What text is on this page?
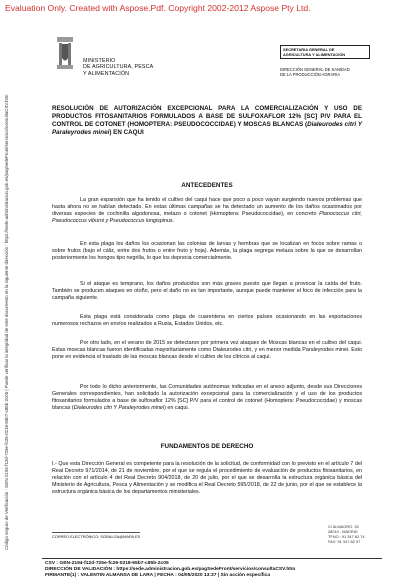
Evaluation Only. Created with Aspose.Pdf. Copyright 2002-2012 Aspose Pty Ltd.
Código seguro de Verificación : GEN-2194-f12d-725e-fc26-0218-65b7-c85b-2c05 | Puede verificar la integridad de este documento en la siguiente dirección : https://sede.administracion.gob.es/pagSedeFront/servicios/consultaCSV.htm
MINISTERIO
DE AGRICULTURA, PESCA
Y ALIMENTACIÓN
SECRETARIA GENERAL DE
AGRICULTURA Y ALIMENTACIÓN
DIRECCIÓN GENERAL DE SANIDAD
DE LA PRODUCCIÓN AGRARIA
RESOLUCIÓN DE AUTORIZACIÓN EXCEPCIONAL PARA LA COMERCIALIZACIÓN Y USO DE PRODUCTOS FITOSANITARIOS FORMULADOS A BASE DE SULFOXAFLOR 12% [SC] P/V PARA EL CONTROL DE COTONET (HOMOPTERA: PSEUDOCOCCIDAE) Y MOSCAS BLANCAS (Dialeurodes citri Y Paraleyrodes minei) EN CAQUI
ANTECEDENTES
La gran expansión que ha tenido el cultivo del caqui hace que poco a poco vayan surgiendo nuevos problemas que hasta ahora no se habían detectado. En estas últimas campañas se ha detectado un aumento de los daños ocasionados por diversas especies de cochinilla algodonosa, melazo o cotonet (Homoptera: Pseudococcidae), en concreto Planococcus citri, Pseudococcus viburni y Pseudococcus longispinus.
En esta plaga los daños los ocasionan las colonias de larvas y hembras que se localizan en focos sobre ramas o sobre frutos (bajo el cáliz, entre dos frutos o entre fruto y hoja). Además, la plaga segrega melaza sobre la que se desarrollan posteriormente los hongos tipo negrilla, lo que los deprecia comercialmente.
Si el ataque es temprano, los daños producidos son más graves puesto que llegan a provocar la caída del fruto. También se producen ataques en otoño, pero el daño no es tan importante, aunque puede mantener el foco de infección para la campaña siguiente.
Esta plaga está considerada como plaga de cuarentena en ciertos países ocasionando en las exportaciones numerosos rechazos en envíos realizados a Rusia, Estados Unidos, etc.
Por otro lado, en el verano de 2015 se detectaron por primera vez ataques de Moscas blancas en el cultivo del caqui. Estas moscas blancas fueron identificadas mayoritariamente como Dialeurodes citri, y en menor medida Paraleyrodes minei. Esto pone en evidencia el traslado de las moscas blancas desde el cultivo de los cítricos al caqui.
Por todo lo dicho anteriormente, las Comunidades autónomas indicadas en el anexo adjunto, desde sus Direcciones Generales correspondientes, han solicitado la autorización excepcional para la comercialización y el uso de los productos fitosanitarios formulados a base de sulfoxaflor 12% [SC] P/V para el control de cotonet (Homoptera: Pseudococcidae) y moscas blancas (Dialeurodes citri Y Paraleyrodes minei) en caqui.
FUNDAMENTOS DE DERECHO
I.- Que esta Dirección General es competente para la resolución de la solicitud, de conformidad con lo previsto en el artículo 7 del Real Decreto 971/2014, de 21 de noviembre, por el que se regula el procedimiento de evaluación de productos fitosanitarios, en relación con el artículo 4 del Real Decreto 904/2018, de 20 de julio, por el que se desarrolla la estructura orgánica básica del Ministerio de Agricultura, Pesca y Alimentación y se modifica el Real Decreto 595/2018, de 22 de junio, por el que se establece la estructura orgánica básica de los departamentos ministeriales.
CORREO ELECTRÓNICO: SGRALGA@MAPA.ES
C/ ALMAGRO, 33
28010 - MADRID
TFNO.: 91 347 82 74
FAX: 91 347 82 97
CSV : GEN-2194-f12d-725e-fc26-0218-65b7-c85b-2c05
DIRECCIÓN DE VALIDACIÓN : https://sede.administracion.gob.es/pagSedeFront/servicios/consultaCSV.htm
FIRMANTE(1) : VALENTIN ALMANSA DE LARA | FECHA : 04/05/2020 13:37 | Sin acción específica
